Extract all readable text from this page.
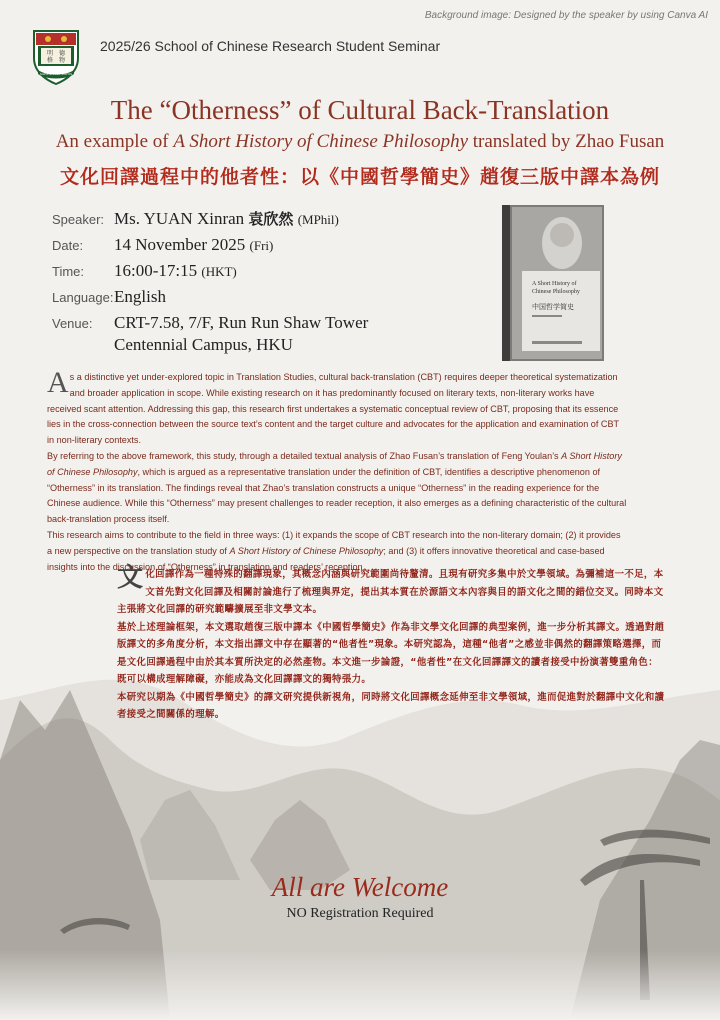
Background image: Designed by the speaker by using Canva AI
明 德
格 物
SAPIENTIA ET VIRTUS
2025/26 School of Chinese Research Student Seminar
The “Otherness” of Cultural Back-Translation
An example of A Short History of Chinese Philosophy translated by Zhao Fusan
文化回譯過程中的他者性：以《中國哲學簡史》趙復三版中譯本為例
Speaker: Ms. YUAN Xinran 袁欣然 (MPhil)
Date:	14 November 2025 (Fri)
Time:	16:00-17:15 (HKT)
Language: English
Venue:	CRT-7.58, 7/F, Run Run Shaw Tower
Centennial Campus, HKU
A Short History of
Chinese Philosophy
中国哲学简史

As a distinctive yet under-explored topic in Translation Studies, cultural back-translation (CBT) requires deeper theoretical systematization and broader application in scope. While existing research on it has predominantly focused on literary texts, non-literary works have received scant attention. Addressing this gap, this research first undertakes a systematic conceptual review of CBT, proposing that its essence lies in the cross-connection between the source text’s content and the target culture and advocates for the application and examination of CBT in non-literary contexts.

By referring to the above framework, this study, through a detailed textual analysis of Zhao Fusan’s translation of Feng Youlan’s A Short History of Chinese Philosophy, which is argued as a representative translation under the definition of CBT, identifies a descriptive phenomenon of “Otherness” in its translation. The findings reveal that Zhao’s translation constructs a unique “Otherness” in the reading experience for the Chinese audience. While this “Otherness” may present challenges to reader reception, it also emerges as a defining characteristic of the cultural back-translation process itself.

This research aims to contribute to the field in three ways: (1) it expands the scope of CBT research into the non-literary domain; (2) it provides a new perspective on the translation study of A Short History of Chinese Philosophy; and (3) it offers innovative theoretical and case-based insights into the discussion of “Otherness” in translation and readers’ reception.

文化回譯作為一種特殊的翻譯現象，其概念內涵與研究範圍尚待釐清。且現有研究多集中於文學領域。為彌補這一不足，本文首先對文化回譯及相關討論進行了梳理與界定，提出其本質在於源語文本內容與目的語文化之間的錯位交叉。同時本文主張將文化回譯的研究範疇擴展至非文學文本。

基於上述理論框架，本文選取趙復三版中譯本《中國哲學簡史》作為非文學文化回譯的典型案例，進一步分析其譯文。透過對趙版譯文的多角度分析，本文指出譯文中存在顯著的“他者性”現象。本研究認為，這種“他者”之感並非偶然的翻譯策略選擇，而是文化回譯過程中由於其本質所決定的必然產物。本文進一步論證，“他者性”在文化回譯譯文的讀者接受中扮演著雙重角色：既可以構成理解障礙，亦能成為文化回譯譯文的獨特張力。

本研究以期為《中國哲學簡史》的譯文研究提供新視角，同時將文化回譯概念延伸至非文學領域，進而促進對於翻譯中文化和讀者接受之間關係的理解。

All are Welcome
NO Registration Required
